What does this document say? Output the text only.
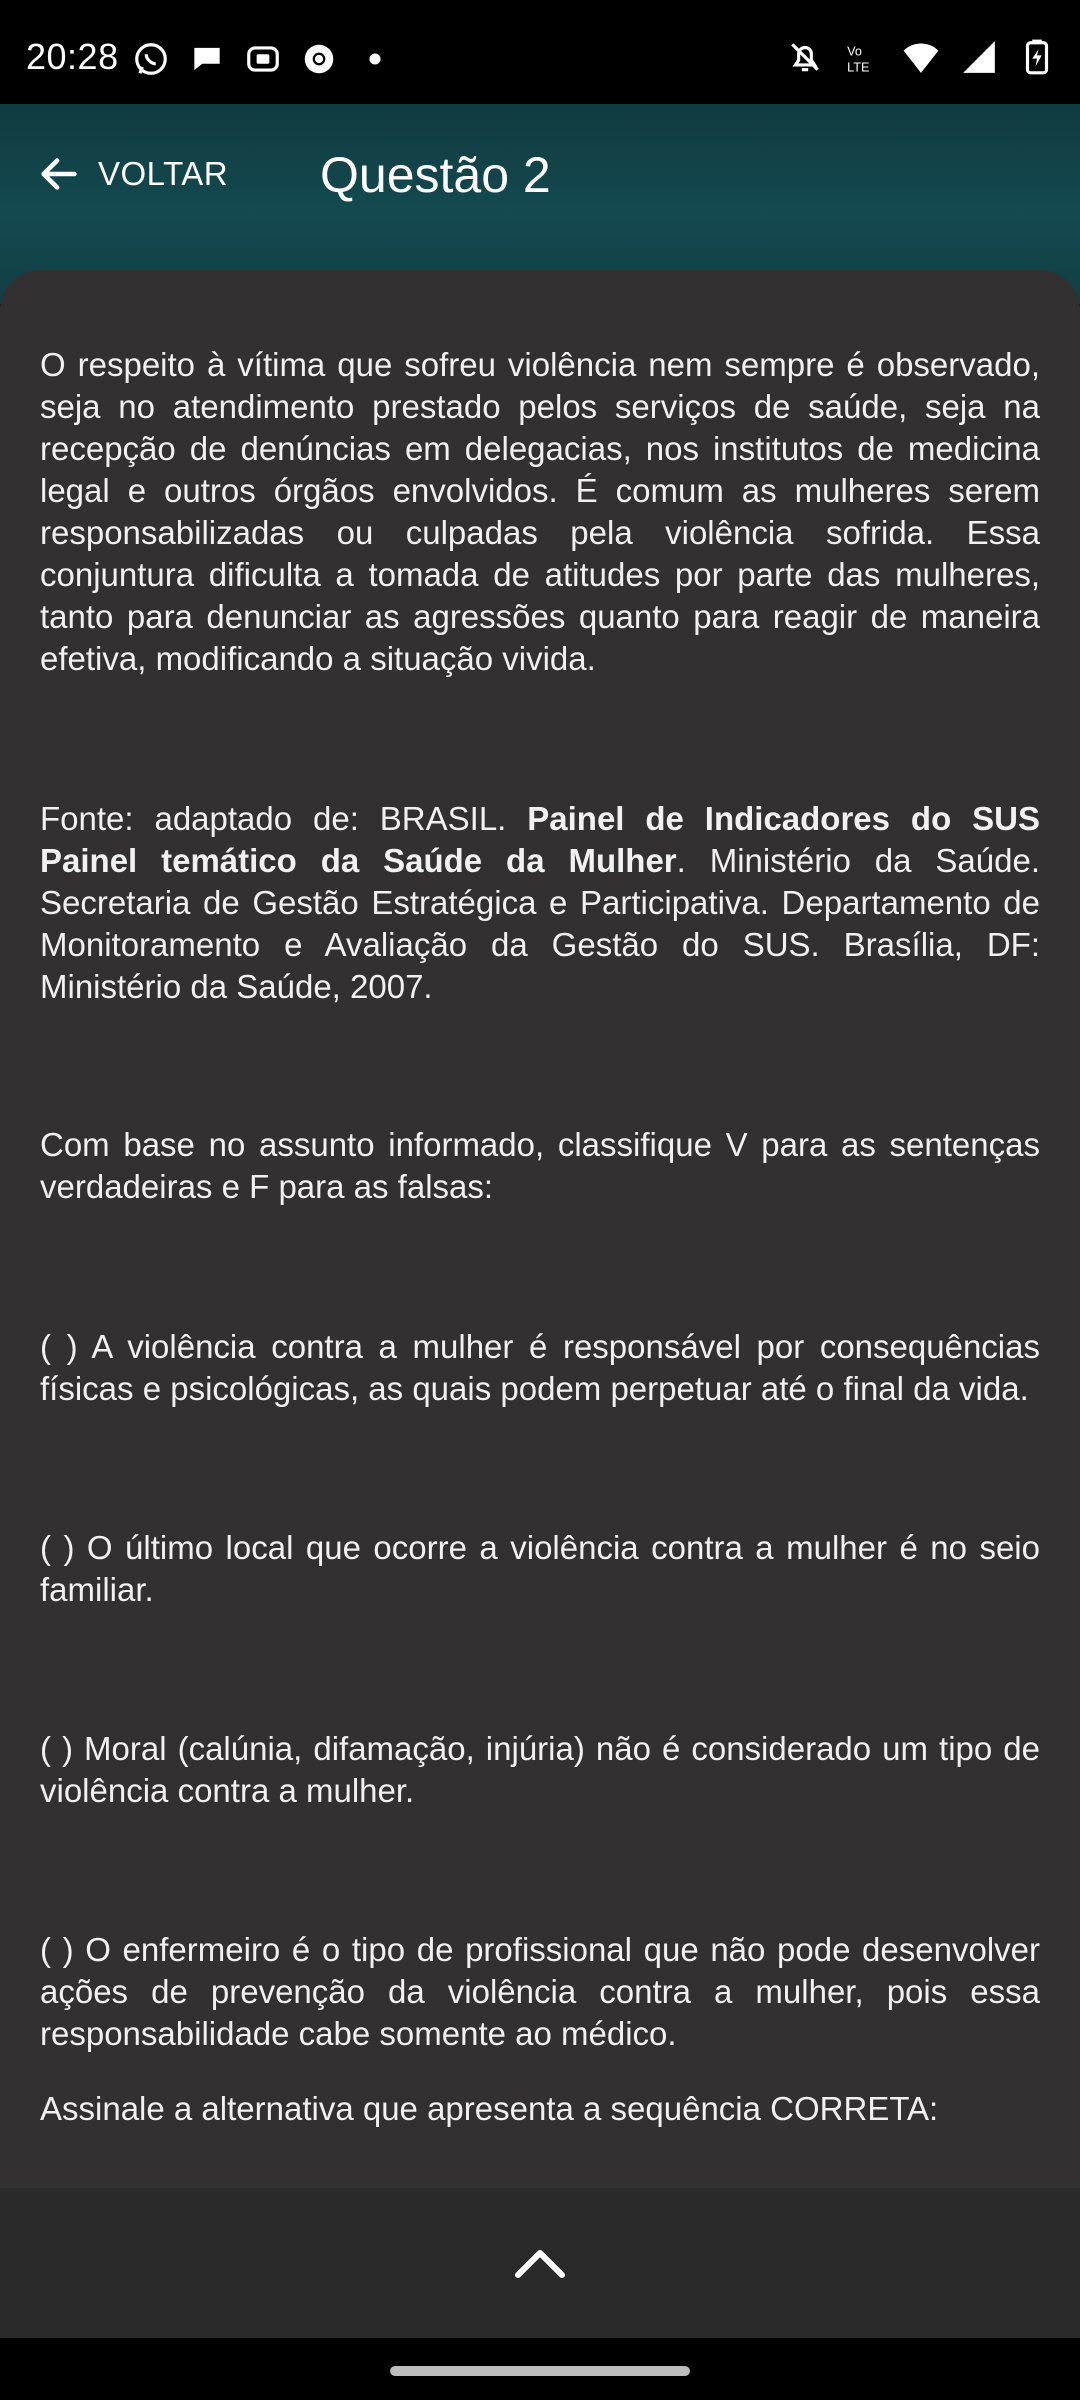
20:28	Vo
LTE
VOLTAR Questão 2

O respeito à vítima que sofreu violência nem sempre é observado, seja no atendimento prestado pelos serviços de saúde, seja na recepção de denúncias em delegacias, nos institutos de medicina legal e outros órgãos envolvidos. É comum as mulheres serem responsabilizadas ou culpadas pela violência sofrida. Essa conjuntura dificulta a tomada de atitudes por parte das mulheres, tanto para denunciar as agressões quanto para reagir de maneira efetiva, modificando a situação vivida.

Fonte: adaptado de: BRASIL. Painel de Indicadores do SUS Painel temático da Saúde da Mulher. Ministério da Saúde. Secretaria de Gestão Estratégica e Participativa. Departamento de Monitoramento e Avaliação da Gestão do SUS. Brasília, DF: Ministério da Saúde, 2007.

Com base no assunto informado, classifique V para as sentenças verdadeiras e F para as falsas:

( ) A violência contra a mulher é responsável por consequências físicas e psicológicas, as quais podem perpetuar até o final da vida.

( ) O último local que ocorre a violência contra a mulher é no seio familiar.

( ) Moral (calúnia, difamação, injúria) não é considerado um tipo de violência contra a mulher.

( ) O enfermeiro é o tipo de profissional que não pode desenvolver ações de prevenção da violência contra a mulher, pois essa responsabilidade cabe somente ao médico.

Assinale a alternativa que apresenta a sequência CORRETA:
